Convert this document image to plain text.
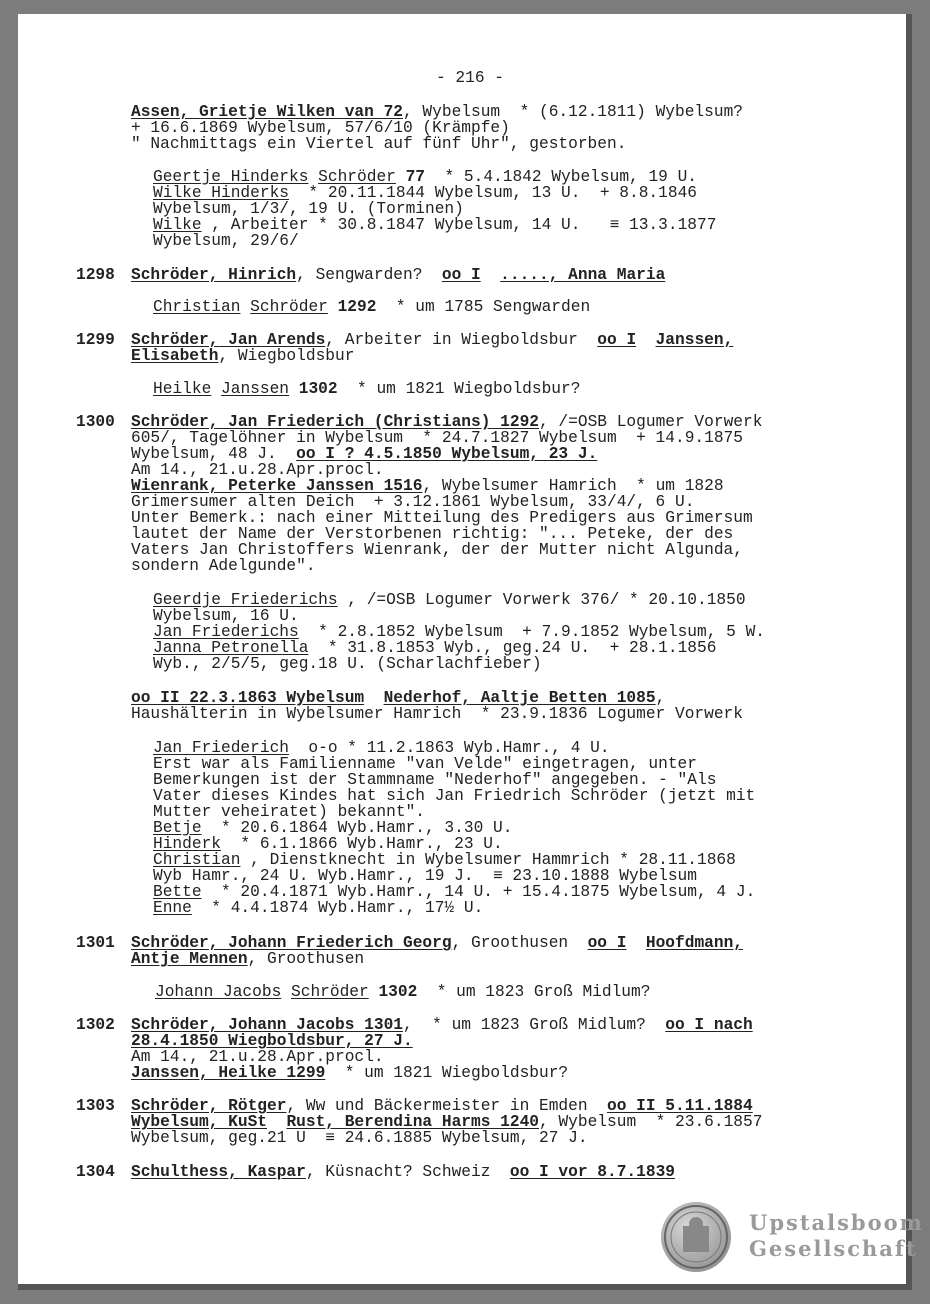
- 216 -
Assen, Grietje Wilken van 72, Wybelsum  * (6.12.1811) Wybelsum?
+ 16.6.1869 Wybelsum, 57/6/10 (Krämpfe)
" Nachmittags ein Viertel auf fünf Uhr", gestorben.
Geertje Hinderks Schröder 77  * 5.4.1842 Wybelsum, 19 U.
Wilke Hinderks  * 20.11.1844 Wybelsum, 13 U.  + 8.8.1846
Wybelsum, 1/3/, 19 U. (Torminen)
Wilke , Arbeiter * 30.8.1847 Wybelsum, 14 U.   ≡ 13.3.1877
Wybelsum, 29/6/
1298 Schröder, Hinrich, Sengwarden?  oo I ....., Anna Maria
Christian Schröder 1292  * um 1785 Sengwarden
1299 Schröder, Jan Arends, Arbeiter in Wiegboldsbur  oo I Janssen,
Elisabeth, Wiegboldsbur
Heilke Janssen 1302  * um 1821 Wiegboldsbur?
1300 Schröder, Jan Friederich (Christians) 1292, /=OSB Logumer Vorwerk
605/, Tagelöhner in Wybelsum  * 24.7.1827 Wybelsum  + 14.9.1875
Wybelsum, 48 J.  oo I ? 4.5.1850 Wybelsum, 23 J.
Am 14., 21.u.28.Apr.procl.
Wienrank, Peterke Janssen 1516, Wybelsumer Hamrich  * um 1828
Grimersumer alten Deich  + 3.12.1861 Wybelsum, 33/4/, 6 U.
Unter Bemerk.: nach einer Mitteilung des Predigers aus Grimersum
lautet der Name der Verstorbenen richtig: "... Peteke, der des
Vaters Jan Christoffers Wienrank, der der Mutter nicht Algunda,
sondern Adelgunde".
Geerdje Friederichs , /=OSB Logumer Vorwerk 376/ * 20.10.1850
Wybelsum, 16 U.
Jan Friederichs  * 2.8.1852 Wybelsum  + 7.9.1852 Wybelsum, 5 W.
Janna Petronella  * 31.8.1853 Wyb., geg.24 U.  + 28.1.1856
Wyb., 2/5/5, geg.18 U. (Scharlachfieber)
oo II 22.3.1863 Wybelsum Nederhof, Aaltje Betten 1085,
Haushälterin in Wybelsumer Hamrich  * 23.9.1836 Logumer Vorwerk
Jan Friederich  o-o * 11.2.1863 Wyb.Hamr., 4 U.
Erst war als Familienname "van Velde" eingetragen, unter
Bemerkungen ist der Stammname "Nederhof" angegeben. - "Als
Vater dieses Kindes hat sich Jan Friedrich Schröder (jetzt mit
Mutter veheiratet) bekannt".
Betje  * 20.6.1864 Wyb.Hamr., 3.30 U.
Hinderk  * 6.1.1866 Wyb.Hamr., 23 U.
Christian , Dienstknecht in Wybelsumer Hammrich * 28.11.1868
Wyb Hamr., 24 U. Wyb.Hamr., 19 J.  ≡ 23.10.1888 Wybelsum
Bette  * 20.4.1871 Wyb.Hamr., 14 U. + 15.4.1875 Wybelsum, 4 J.
Enne  * 4.4.1874 Wyb.Hamr., 17½ U.
1301 Schröder, Johann Friederich Georg, Groothusen  oo I Hoofdmann,
Antje Mennen, Groothusen
Johann Jacobs Schröder 1302  * um 1823 Groß Midlum?
1302 Schröder, Johann Jacobs 1301,  * um 1823 Groß Midlum?  oo I nach
28.4.1850 Wiegboldsbur, 27 J.
Am 14., 21.u.28.Apr.procl.
Janssen, Heilke 1299  * um 1821 Wiegboldsbur?
1303 Schröder, Rötger, Ww und Bäckermeister in Emden  oo II 5.11.1884
Wybelsum, KuSt Rust, Berendina Harms 1240, Wybelsum  * 23.6.1857
Wybelsum, geg.21 U  ≡ 24.6.1885 Wybelsum, 27 J.
1304 Schulthess, Kaspar, Küsnacht? Schweiz  oo I vor 8.7.1839
Upstalsboom
Gesellschaft
